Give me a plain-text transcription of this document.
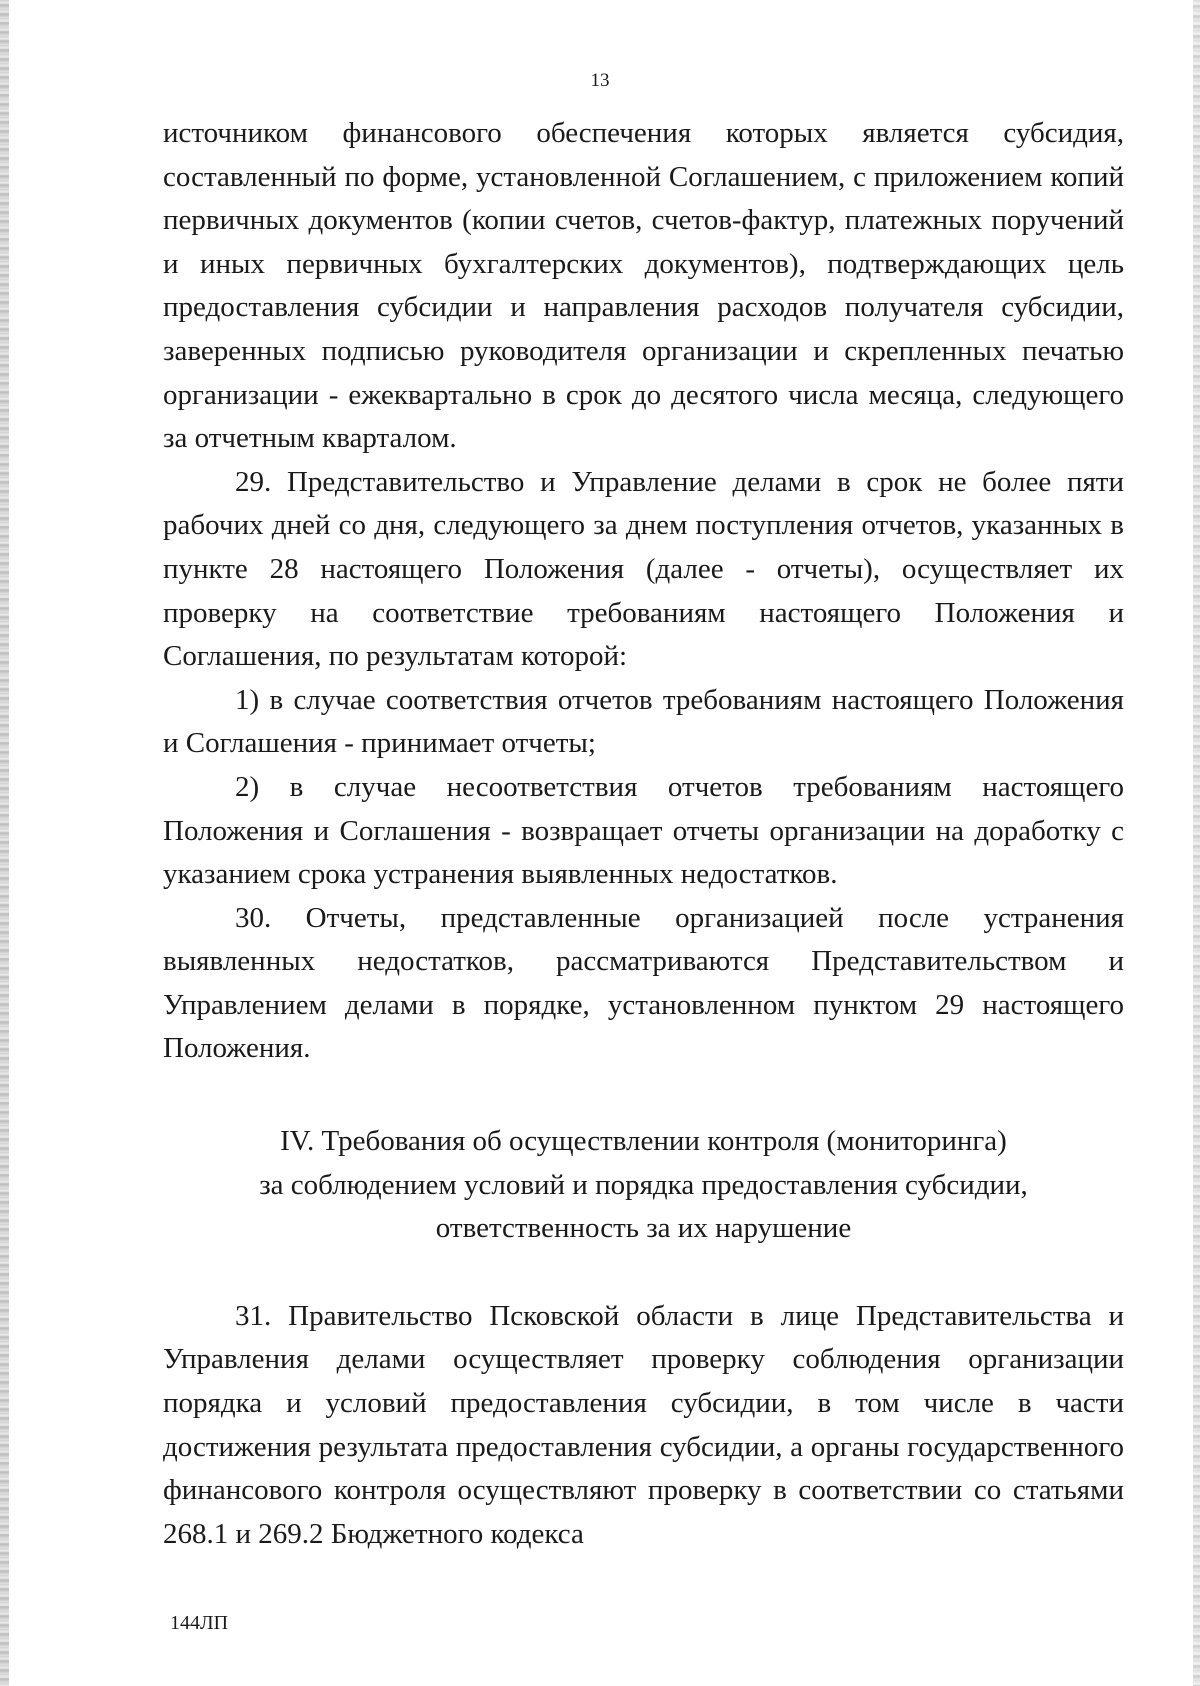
13

источником финансового обеспечения которых является субсидия, составленный по форме, установленной Соглашением, с приложением копий первичных документов (копии счетов, счетов-фактур, платежных поручений и иных первичных бухгалтерских документов), подтверждающих цель предоставления субсидии и направления расходов получателя субсидии, заверенных подписью руководителя организации и скрепленных печатью организации - ежеквартально в срок до десятого числа месяца, следующего за отчетным кварталом.

29. Представительство и Управление делами в срок не более пяти рабочих дней со дня, следующего за днем поступления отчетов, указанных в пункте 28 настоящего Положения (далее - отчеты), осуществляет их проверку на соответствие требованиям настоящего Положения и Соглашения, по результатам которой:

1) в случае соответствия отчетов требованиям настоящего Положения и Соглашения - принимает отчеты;

2) в случае несоответствия отчетов требованиям настоящего Положения и Соглашения - возвращает отчеты организации на доработку с указанием срока устранения выявленных недостатков.

30. Отчеты, представленные организацией после устранения выявленных недостатков, рассматриваются Представительством и Управлением делами в порядке, установленном пунктом 29 настоящего Положения.

IV. Требования об осуществлении контроля (мониторинга)
за соблюдением условий и порядка предоставления субсидии,
ответственность за их нарушение

31. Правительство Псковской области в лице Представительства и Управления делами осуществляет проверку соблюдения организации порядка и условий предоставления субсидии, в том числе в части достижения результата предоставления субсидии, а органы государственного финансового контроля осуществляют проверку в соответствии со статьями 268.1 и 269.2 Бюджетного кодекса

144ЛП
